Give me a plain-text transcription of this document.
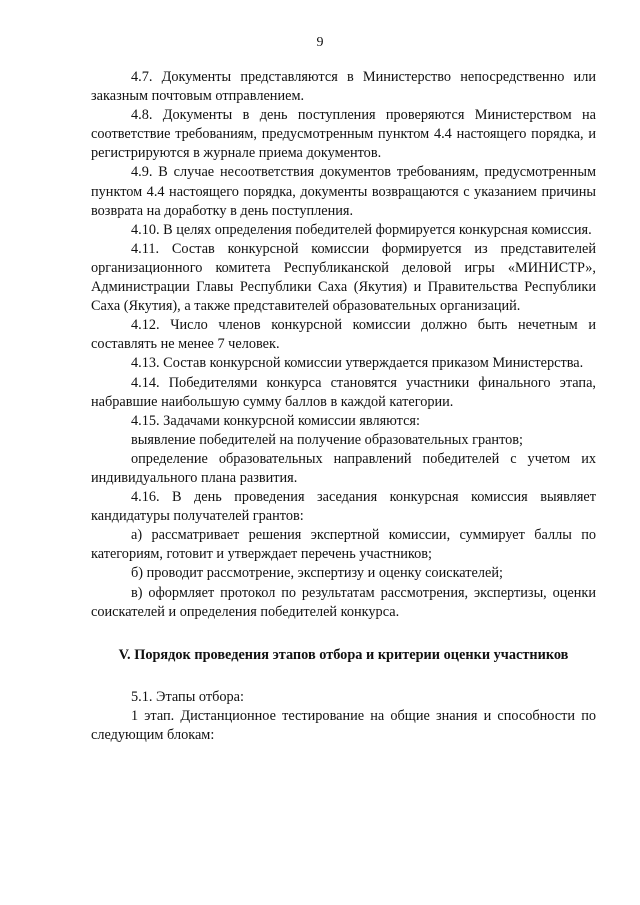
9

4.7. Документы представляются в Министерство непосредственно или заказным почтовым отправлением.

4.8. Документы в день поступления проверяются Министерством на соответствие требованиям, предусмотренным пунктом 4.4 настоящего порядка, и регистрируются в журнале приема документов.

4.9. В случае несоответствия документов требованиям, предусмотренным пунктом 4.4 настоящего порядка, документы возвращаются с указанием причины возврата на доработку в день поступления.

4.10. В целях определения победителей формируется конкурсная комиссия.

4.11. Состав конкурсной комиссии формируется из представителей организационного комитета Республиканской деловой игры «МИНИСТР», Администрации Главы Республики Саха (Якутия) и Правительства Республики Саха (Якутия), а также представителей образовательных организаций.

4.12. Число членов конкурсной комиссии должно быть нечетным и составлять не менее 7 человек.

4.13. Состав конкурсной комиссии утверждается приказом Министерства.

4.14. Победителями конкурса становятся участники финального этапа, набравшие наибольшую сумму баллов в каждой категории.

4.15. Задачами конкурсной комиссии являются:

выявление победителей на получение образовательных грантов;

определение образовательных направлений победителей с учетом их индивидуального плана развития.

4.16. В день проведения заседания конкурсная комиссия выявляет кандидатуры получателей грантов:

а) рассматривает решения экспертной комиссии, суммирует баллы по категориям, готовит и утверждает перечень участников;

б) проводит рассмотрение, экспертизу и оценку соискателей;

в) оформляет протокол по результатам рассмотрения, экспертизы, оценки соискателей и определения победителей конкурса.

V. Порядок проведения этапов отбора и критерии оценки участников

5.1. Этапы отбора:

1 этап. Дистанционное тестирование на общие знания и способности по следующим блокам:
